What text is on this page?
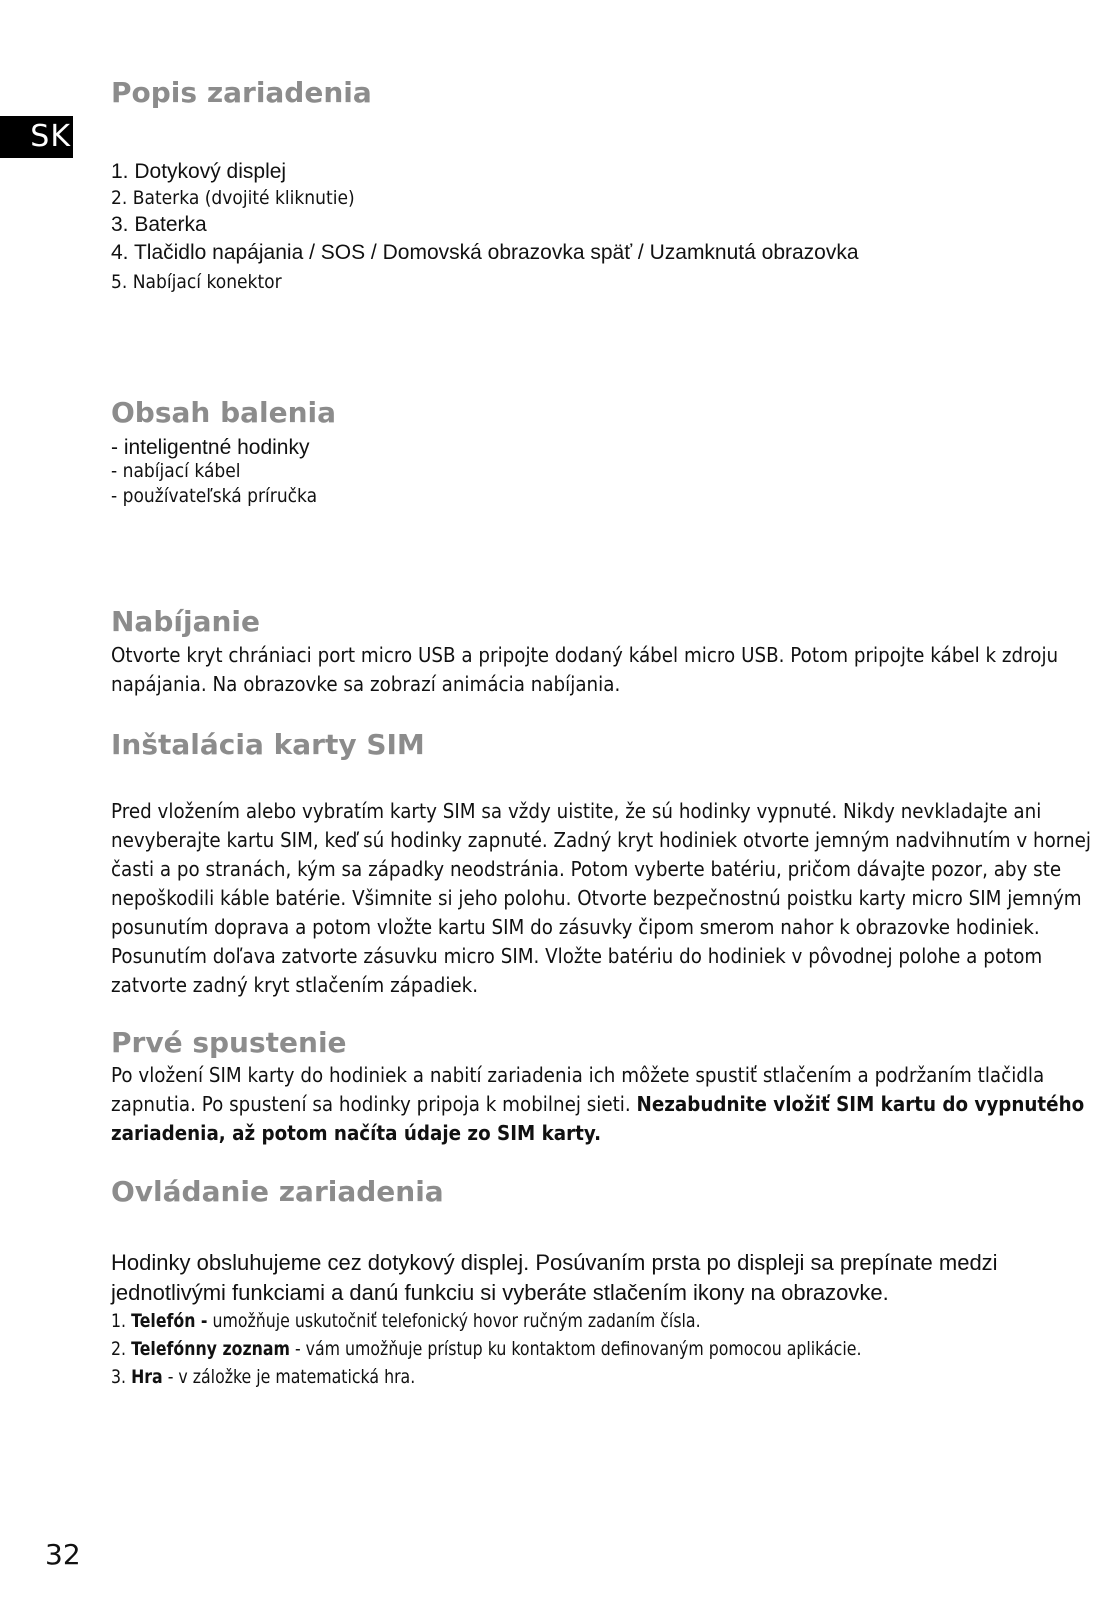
SK
Popis zariadenia
1. Dotykový displej
2. Baterka (dvojité kliknutie)
3. Baterka
4. Tlačidlo napájania / SOS / Domovská obrazovka späť / Uzamknutá obrazovka
5. Nabíjací konektor
Obsah balenia
- inteligentné hodinky
- nabíjací kábel
- používateľská príručka
Nabíjanie

Otvorte kryt chrániaci port micro USB a pripojte dodaný kábel micro USB. Potom pripojte kábel k zdroju napájania. Na obrazovke sa zobrazí animácia nabíjania.

Inštalácia karty SIM

Pred vložením alebo vybratím karty SIM sa vždy uistite, že sú hodinky vypnuté. Nikdy nevkladajte ani nevyberajte kartu SIM, keď sú hodinky zapnuté. Zadný kryt hodiniek otvorte jemným nadvihnutím v hornej časti a po stranách, kým sa západky neodstránia. Potom vyberte batériu, pričom dávajte pozor, aby ste nepoškodili káble batérie. Všimnite si jeho polohu. Otvorte bezpečnostnú poistku karty micro SIM jemným posunutím doprava a potom vložte kartu SIM do zásuvky čipom smerom nahor k obrazovke hodiniek. Posunutím doľava zatvorte zásuvku micro SIM. Vložte batériu do hodiniek v pôvodnej polohe a potom zatvorte zadný kryt stlačením západiek.

Prvé spustenie

Po vložení SIM karty do hodiniek a nabití zariadenia ich môžete spustiť stlačením a podržaním tlačidla zapnutia. Po spustení sa hodinky pripoja k mobilnej sieti. Nezabudnite vložiť SIM kartu do vypnutého zariadenia, až potom načíta údaje zo SIM karty.

Ovládanie zariadenia

Hodinky obsluhujeme cez dotykový displej. Posúvaním prsta po displeji sa prepínate medzi jednotlivými funkciami a danú funkciu si vyberáte stlačením ikony na obrazovke.

1. Telefón - umožňuje uskutočniť telefonický hovor ručným zadaním čísla.
2. Telefónny zoznam - vám umožňuje prístup ku kontaktom definovaným pomocou aplikácie.
3. Hra - v záložke je matematická hra.
32
